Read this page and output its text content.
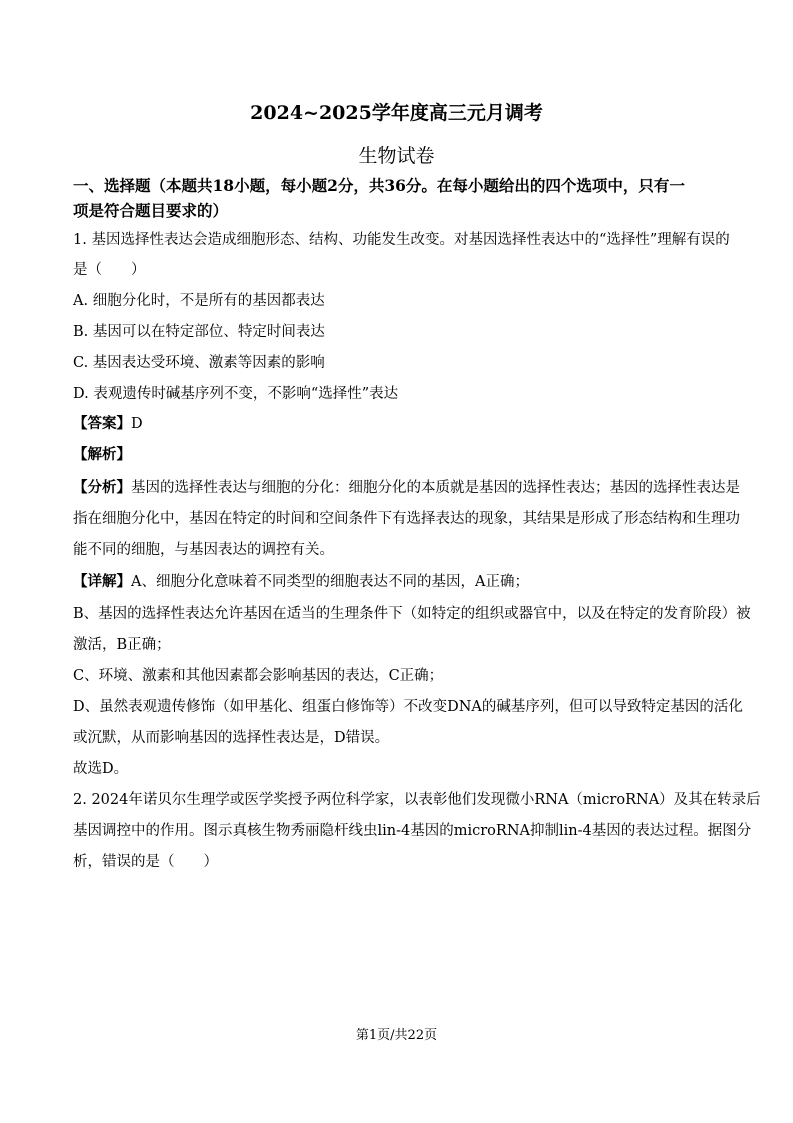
2024~2025学年度高三元月调考
生物试卷
一、选择题（本题共18小题，每小题2分，共36分。在每小题给出的四个选项中，只有一
项是符合题目要求的）
1. 基因选择性表达会造成细胞形态、结构、功能发生改变。对基因选择性表达中的“选择性”理解有误的
是（　　）
A. 细胞分化时，不是所有的基因都表达
B. 基因可以在特定部位、特定时间表达
C. 基因表达受环境、激素等因素的影响
D. 表观遗传时碱基序列不变，不影响“选择性”表达
【答案】D
【解析】
【分析】基因的选择性表达与细胞的分化：细胞分化的本质就是基因的选择性表达；基因的选择性表达是
指在细胞分化中，基因在特定的时间和空间条件下有选择表达的现象，其结果是形成了形态结构和生理功
能不同的细胞，与基因表达的调控有关。
【详解】A、细胞分化意味着不同类型的细胞表达不同的基因，A正确；
B、基因的选择性表达允许基因在适当的生理条件下（如特定的组织或器官中，以及在特定的发育阶段）被
激活，B正确；
C、环境、激素和其他因素都会影响基因的表达，C正确；
D、虽然表观遗传修饰（如甲基化、组蛋白修饰等）不改变DNA的碱基序列，但可以导致特定基因的活化
或沉默，从而影响基因的选择性表达是，D错误。
故选D。
2. 2024年诺贝尔生理学或医学奖授予两位科学家，以表彰他们发现微小RNA（microRNA）及其在转录后
基因调控中的作用。图示真核生物秀丽隐杆线虫lin-4基因的microRNA抑制lin-4基因的表达过程。据图分
析，错误的是（　　）
第1页/共22页
